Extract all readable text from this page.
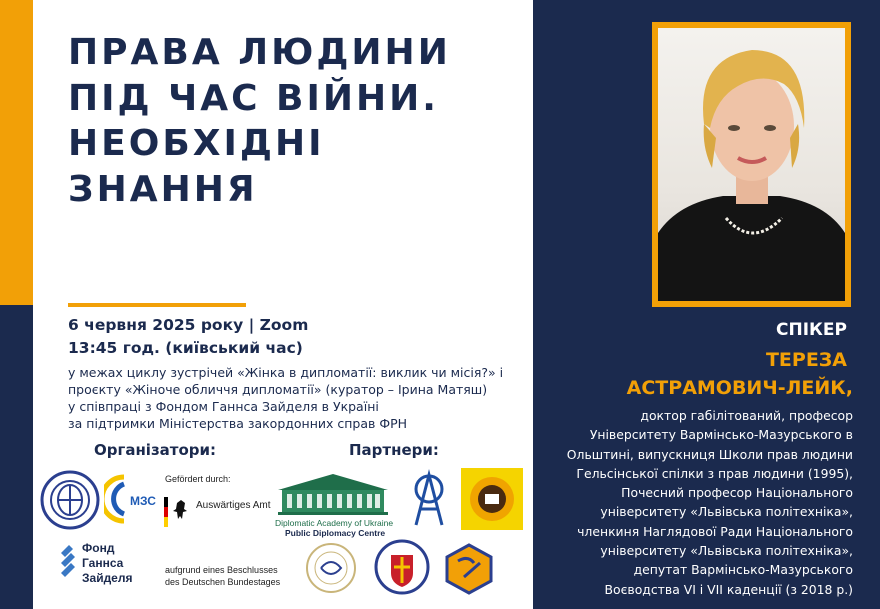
ПРАВА ЛЮДИНИ
ПІД ЧАС ВІЙНИ.
НЕОБХІДНІ
ЗНАННЯ
6 червня 2025 року | Zoom
13:45 год. (київський час)
у межах циклу зустрічей «Жінка в дипломатії: виклик чи місія?» і
проєкту «Жіноче обличчя дипломатії» (куратор – Ірина Матяш)
у співпраці з Фондом Ганнса Зайделя в Україні
за підтримки Міністерства закордонних справ ФРН
Організатори:	Партнери:
МЗС
Gefördert durch:
Auswärtiges Amt
aufgrund eines Beschlusses
des Deutschen Bundestages
Фонд
Ганнса
Зайделя
Diplomatic Academy of Ukraine
Public Diplomacy Centre
СПІКЕР
ТЕРЕЗА
АСТРАМОВИЧ-ЛЕЙК,
доктор габілітований, професор
Університету Вармінсько-Мазурського в
Ольштині, випускниця Школи прав людини
Гельсінської спілки з прав людини (1995),
Почесний професор Національного
університету «Львівська політехніка»,
членкиня Наглядової Ради Національного
університету «Львівська політехніка»,
депутат Вармінсько-Мазурського
Воєводства VI і VII каденції (з 2018 р.)
